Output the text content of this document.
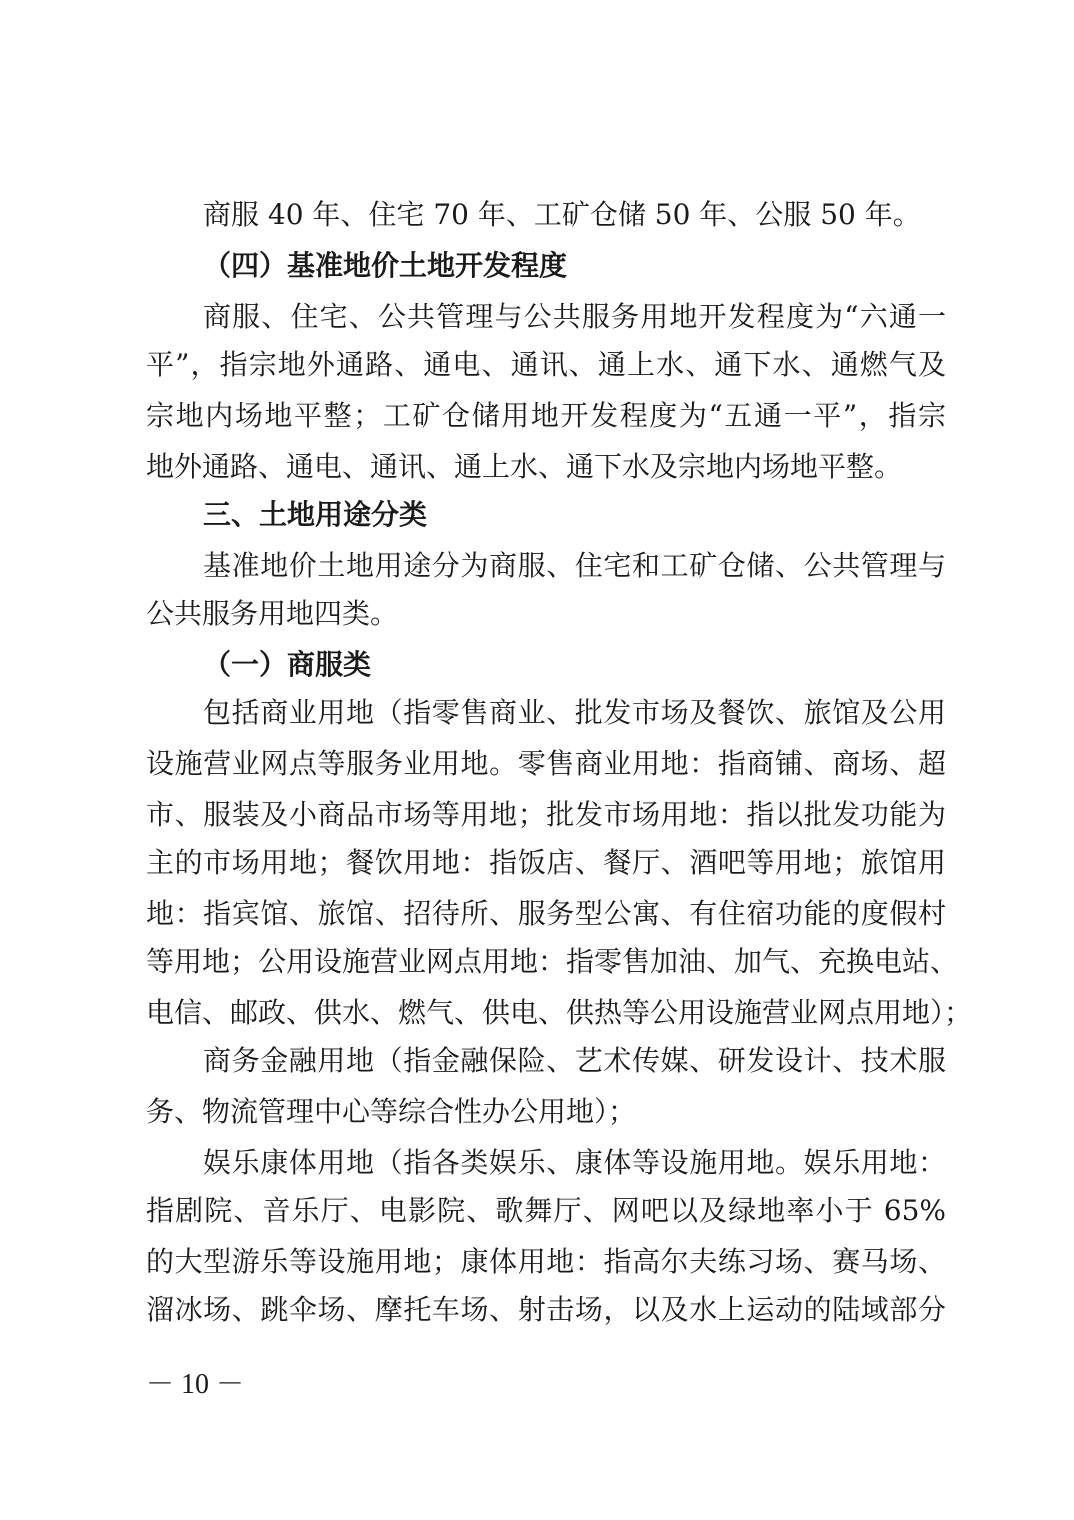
商服 40 年、住宅 70 年、工矿仓储 50 年、公服 50 年。
（四）基准地价土地开发程度
商服、住宅、公共管理与公共服务用地开发程度为“六通一
平”，指宗地外通路、通电、通讯、通上水、通下水、通燃气及
宗地内场地平整；工矿仓储用地开发程度为“五通一平”，指宗
地外通路、通电、通讯、通上水、通下水及宗地内场地平整。
三、土地用途分类
基准地价土地用途分为商服、住宅和工矿仓储、公共管理与
公共服务用地四类。
（一）商服类
包括商业用地（指零售商业、批发市场及餐饮、旅馆及公用
设施营业网点等服务业用地。零售商业用地：指商铺、商场、超
市、服装及小商品市场等用地；批发市场用地：指以批发功能为
主的市场用地；餐饮用地：指饭店、餐厅、酒吧等用地；旅馆用
地：指宾馆、旅馆、招待所、服务型公寓、有住宿功能的度假村
等用地；公用设施营业网点用地：指零售加油、加气、充换电站、
电信、邮政、供水、燃气、供电、供热等公用设施营业网点用地）；
商务金融用地（指金融保险、艺术传媒、研发设计、技术服
务、物流管理中心等综合性办公用地）；
娱乐康体用地（指各类娱乐、康体等设施用地。娱乐用地：
指剧院、音乐厅、电影院、歌舞厅、网吧以及绿地率小于 65%
的大型游乐等设施用地；康体用地：指高尔夫练习场、赛马场、
溜冰场、跳伞场、摩托车场、射击场，以及水上运动的陆域部分
－ 10 －
